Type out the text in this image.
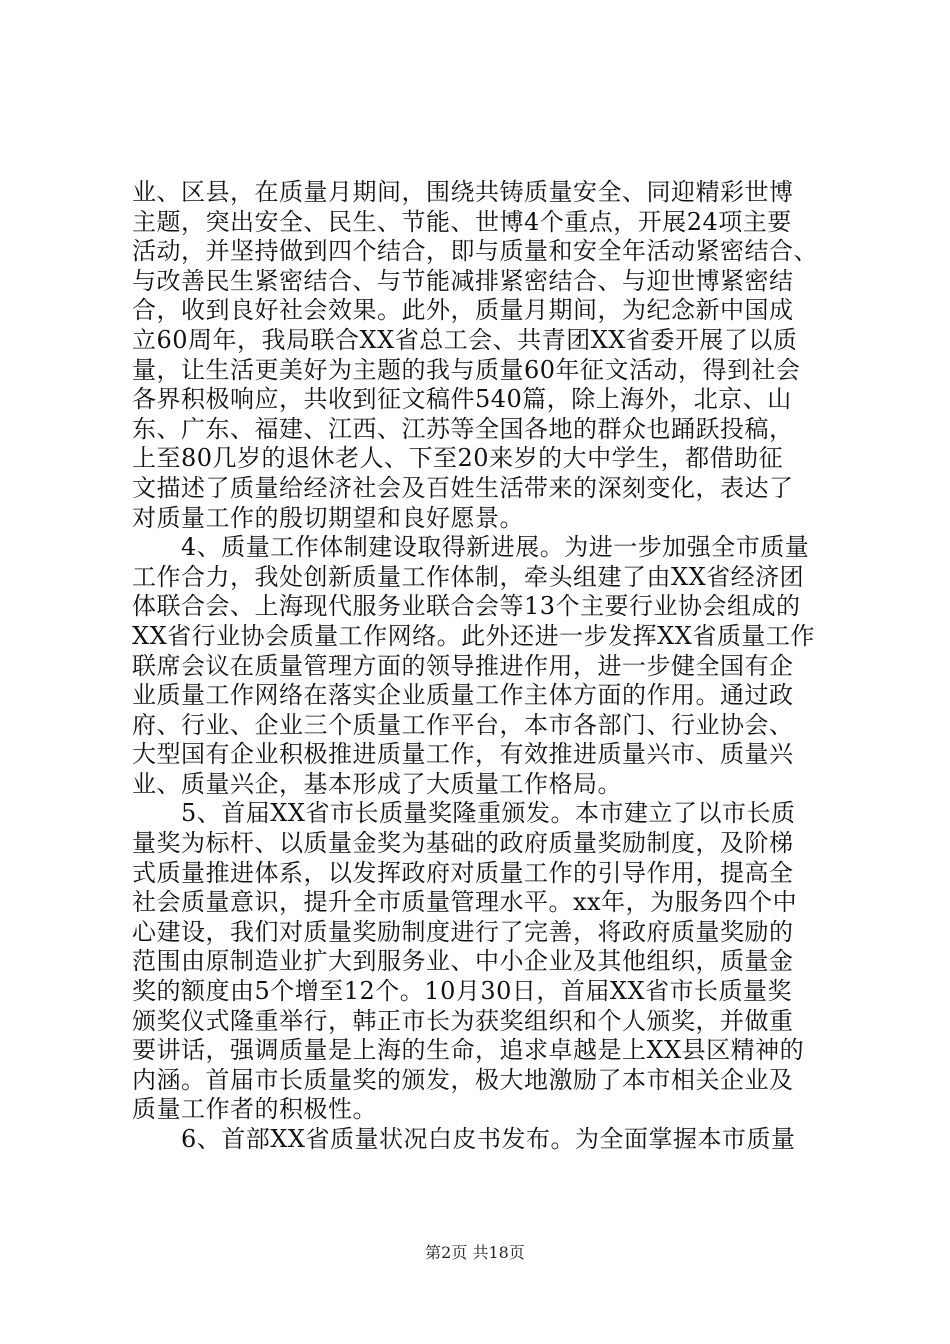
业、区县，在质量月期间，围绕共铸质量安全、同迎精彩世博
主题，突出安全、民生、节能、世博4个重点，开展24项主要
活动，并坚持做到四个结合，即与质量和安全年活动紧密结合、
与改善民生紧密结合、与节能减排紧密结合、与迎世博紧密结
合，收到良好社会效果。此外，质量月期间，为纪念新中国成
立60周年，我局联合XX省总工会、共青团XX省委开展了以质
量，让生活更美好为主题的我与质量60年征文活动，得到社会
各界积极响应，共收到征文稿件540篇，除上海外，北京、山
东、广东、福建、江西、江苏等全国各地的群众也踊跃投稿，
上至80几岁的退休老人、下至20来岁的大中学生，都借助征
文描述了质量给经济社会及百姓生活带来的深刻变化，表达了
对质量工作的殷切期望和良好愿景。
　　4、质量工作体制建设取得新进展。为进一步加强全市质量
工作合力，我处创新质量工作体制，牵头组建了由XX省经济团
体联合会、上海现代服务业联合会等13个主要行业协会组成的
XX省行业协会质量工作网络。此外还进一步发挥XX省质量工作
联席会议在质量管理方面的领导推进作用，进一步健全国有企
业质量工作网络在落实企业质量工作主体方面的作用。通过政
府、行业、企业三个质量工作平台，本市各部门、行业协会、
大型国有企业积极推进质量工作，有效推进质量兴市、质量兴
业、质量兴企，基本形成了大质量工作格局。
　　5、首届XX省市长质量奖隆重颁发。本市建立了以市长质
量奖为标杆、以质量金奖为基础的政府质量奖励制度，及阶梯
式质量推进体系，以发挥政府对质量工作的引导作用，提高全
社会质量意识，提升全市质量管理水平。xx年，为服务四个中
心建设，我们对质量奖励制度进行了完善，将政府质量奖励的
范围由原制造业扩大到服务业、中小企业及其他组织，质量金
奖的额度由5个增至12个。10月30日，首届XX省市长质量奖
颁奖仪式隆重举行，韩正市长为获奖组织和个人颁奖，并做重
要讲话，强调质量是上海的生命，追求卓越是上XX县区精神的
内涵。首届市长质量奖的颁发，极大地激励了本市相关企业及
质量工作者的积极性。
　　6、首部XX省质量状况白皮书发布。为全面掌握本市质量
第2页 共18页
